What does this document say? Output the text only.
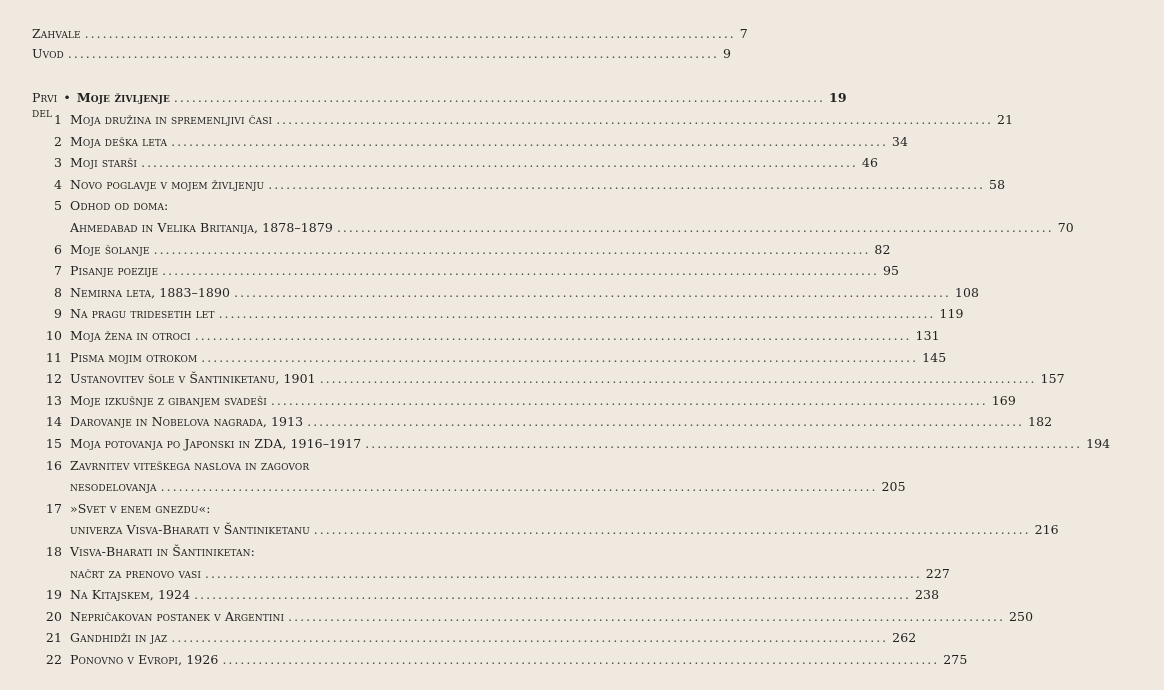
Zahvale ............................................................................................................. 7
Uvod ............................................................................................................. 9
Prvi del
• Moje življenje ............................................................................................................. 19
1 Moja družina in spremenljivi časi ........................................................................................................................ 21
2 Moja deška leta ........................................................................................................................ 34
3 Moji starši ........................................................................................................................ 46
4 Novo poglavje v mojem življenju ........................................................................................................................ 58
5 Odhod od doma:
Ahmedabad in Velika Britanija, 1878–1879 ........................................................................................................................ 70
6 Moje šolanje ........................................................................................................................ 82
7 Pisanje poezije ........................................................................................................................ 95
8 Nemirna leta, 1883–1890 ........................................................................................................................ 108
9 Na pragu tridesetih let ........................................................................................................................ 119
10 Moja žena in otroci ........................................................................................................................ 131
11 Pisma mojim otrokom ........................................................................................................................ 145
12 Ustanovitev šole v Šantiniketanu, 1901 ........................................................................................................................ 157
13 Moje izkušnje z gibanjem svadeši ........................................................................................................................ 169
14 Darovanje in Nobelova nagrada, 1913 ........................................................................................................................ 182
15 Moja potovanja po Japonski in ZDA, 1916–1917 ........................................................................................................................ 194
16 Zavrnitev viteškega naslova in zagovor
nesodelovanja ........................................................................................................................ 205
17 »Svet v enem gnezdu«:
univerza Visva-Bharati v Šantiniketanu ........................................................................................................................ 216
18 Visva-Bharati in Šantiniketan:
načrt za prenovo vasi ........................................................................................................................ 227
19 Na Kitajskem, 1924 ........................................................................................................................ 238
20 Nepričakovan postanek v Argentini ........................................................................................................................ 250
21 Gandhidži in jaz ........................................................................................................................ 262
22 Ponovno v Evropi, 1926 ........................................................................................................................ 275
